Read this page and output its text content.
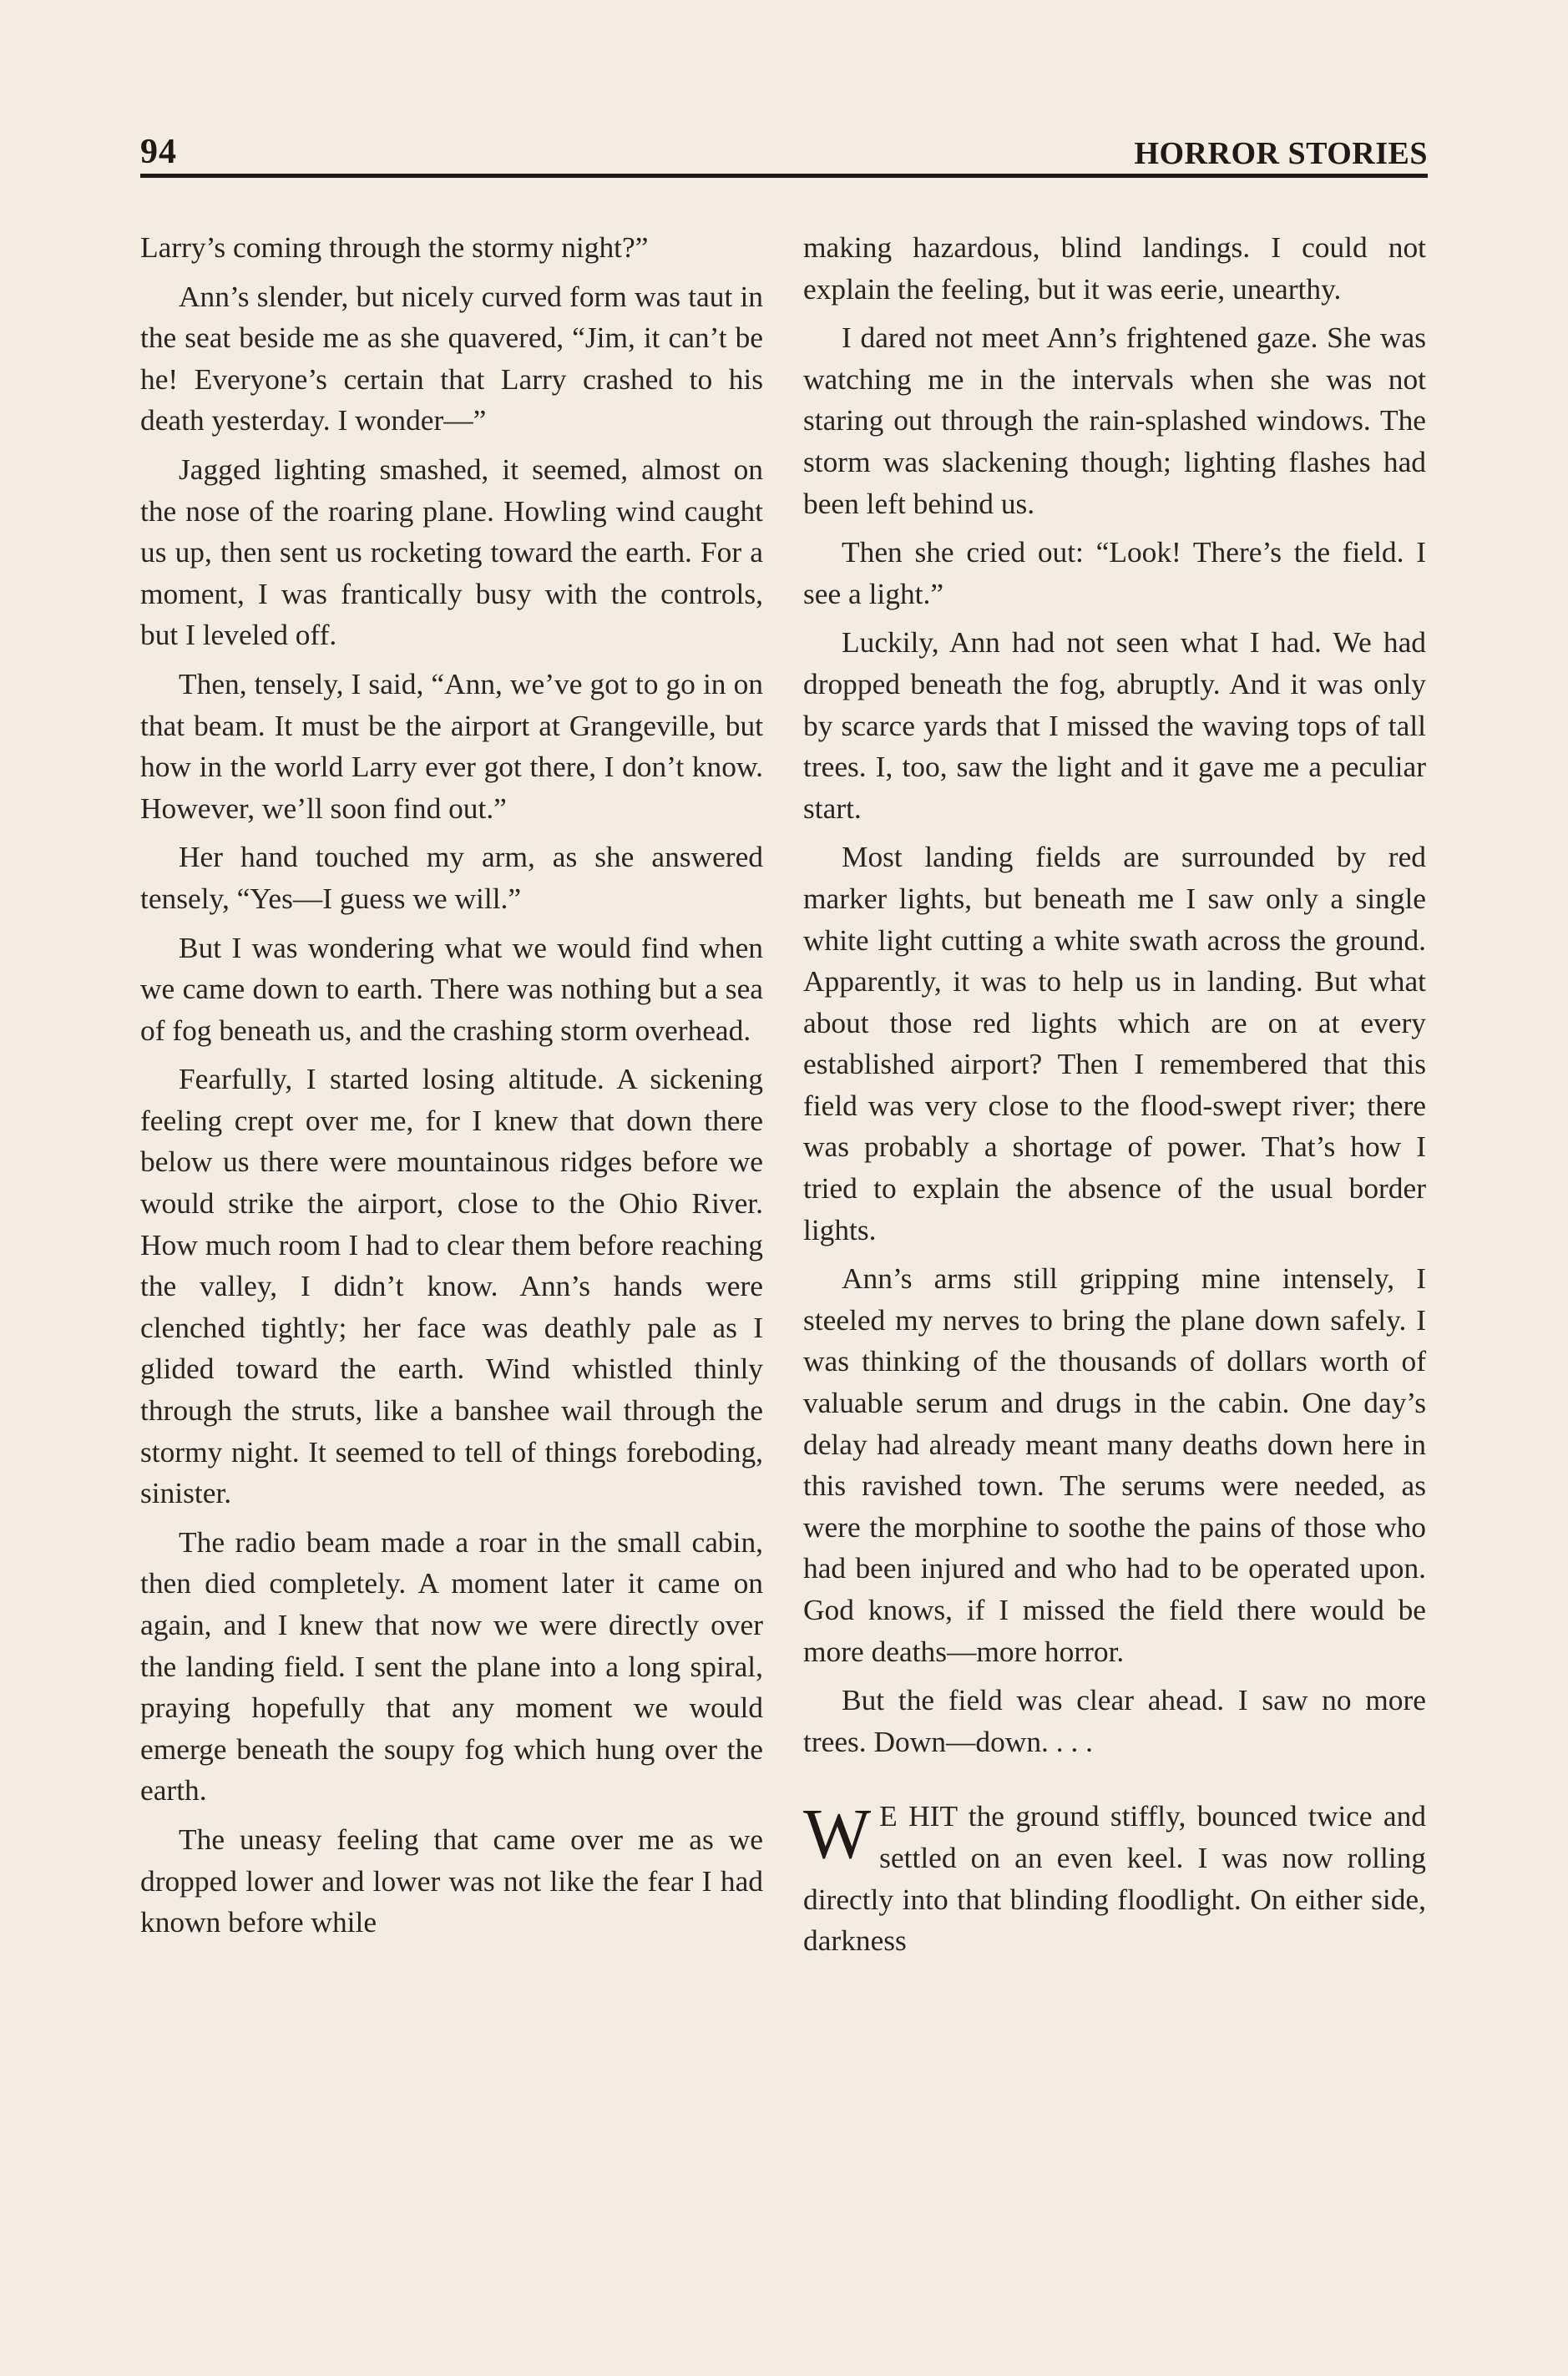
94	HORROR STORIES

Larry’s coming through the stormy night?”

Ann’s slender, but nicely curved form was taut in the seat beside me as she quavered, “Jim, it can’t be he! Everyone’s certain that Larry crashed to his death yesterday. I wonder—”

Jagged lighting smashed, it seemed, almost on the nose of the roaring plane. Howling wind caught us up, then sent us rocketing toward the earth. For a moment, I was frantically busy with the controls, but I leveled off.

Then, tensely, I said, “Ann, we’ve got to go in on that beam. It must be the airport at Grangeville, but how in the world Larry ever got there, I don’t know. However, we’ll soon find out.”

Her hand touched my arm, as she answered tensely, “Yes—I guess we will.”

But I was wondering what we would find when we came down to earth. There was nothing but a sea of fog beneath us, and the crashing storm overhead.

Fearfully, I started losing altitude. A sickening feeling crept over me, for I knew that down there below us there were mountainous ridges before we would strike the airport, close to the Ohio River. How much room I had to clear them before reaching the valley, I didn’t know. Ann’s hands were clenched tightly; her face was deathly pale as I glided toward the earth. Wind whistled thinly through the struts, like a banshee wail through the stormy night. It seemed to tell of things foreboding, sinister.

The radio beam made a roar in the small cabin, then died completely. A moment later it came on again, and I knew that now we were directly over the landing field. I sent the plane into a long spiral, praying hopefully that any moment we would emerge beneath the soupy fog which hung over the earth.

The uneasy feeling that came over me as we dropped lower and lower was not like the fear I had known before while

making hazardous, blind landings. I could not explain the feeling, but it was eerie, unearthy.

I dared not meet Ann’s frightened gaze. She was watching me in the intervals when she was not staring out through the rain-splashed windows. The storm was slackening though; lighting flashes had been left behind us.

Then she cried out: “Look! There’s the field. I see a light.”

Luckily, Ann had not seen what I had. We had dropped beneath the fog, abruptly. And it was only by scarce yards that I missed the waving tops of tall trees. I, too, saw the light and it gave me a peculiar start.

Most landing fields are surrounded by red marker lights, but beneath me I saw only a single white light cutting a white swath across the ground. Apparently, it was to help us in landing. But what about those red lights which are on at every established airport? Then I remembered that this field was very close to the flood-swept river; there was probably a shortage of power. That’s how I tried to explain the absence of the usual border lights.

Ann’s arms still gripping mine intensely, I steeled my nerves to bring the plane down safely. I was thinking of the thousands of dollars worth of valuable serum and drugs in the cabin. One day’s delay had already meant many deaths down here in this ravished town. The serums were needed, as were the morphine to soothe the pains of those who had been injured and who had to be operated upon. God knows, if I missed the field there would be more deaths—more horror.

But the field was clear ahead. I saw no more trees. Down—down. . . .

W E HIT the ground stiffly, bounced twice and settled on an even keel. I was now rolling directly into that blinding floodlight. On either side, darkness
